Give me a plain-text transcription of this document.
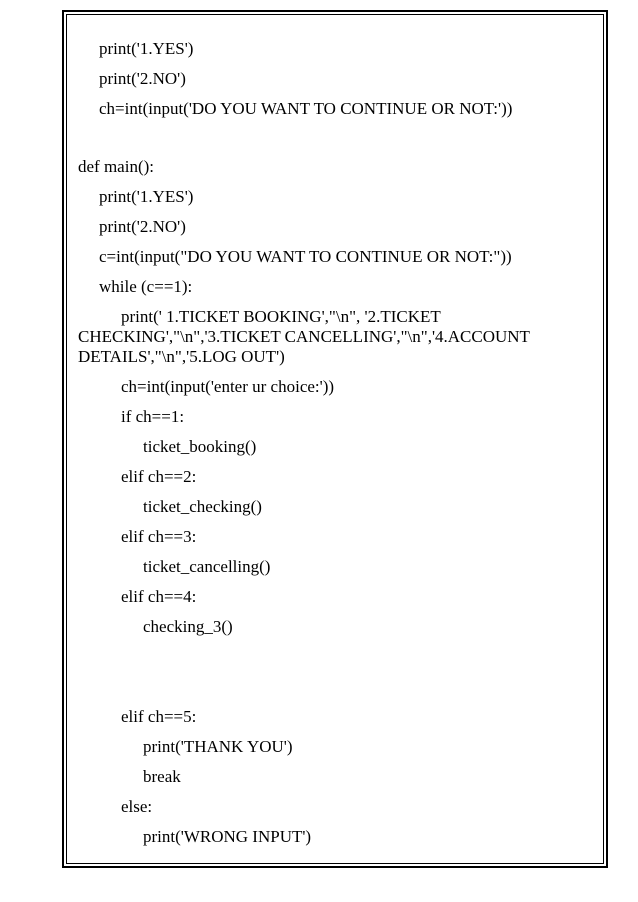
print('1.YES')
print('2.NO')
ch=int(input('DO YOU WANT TO CONTINUE OR NOT:'))
def main():
print('1.YES')
print('2.NO')
c=int(input("DO YOU WANT TO CONTINUE OR NOT:"))
while (c==1):
print(' 1.TICKET BOOKING',"\n", '2.TICKET
CHECKING',"\n",'3.TICKET CANCELLING',"\n",'4.ACCOUNT
DETAILS',"\n",'5.LOG OUT')
ch=int(input('enter ur choice:'))
if ch==1:
ticket_booking()
elif ch==2:
ticket_checking()
elif ch==3:
ticket_cancelling()
elif ch==4:
checking_3()
elif ch==5:
print('THANK YOU')
break
else:
print('WRONG INPUT')
